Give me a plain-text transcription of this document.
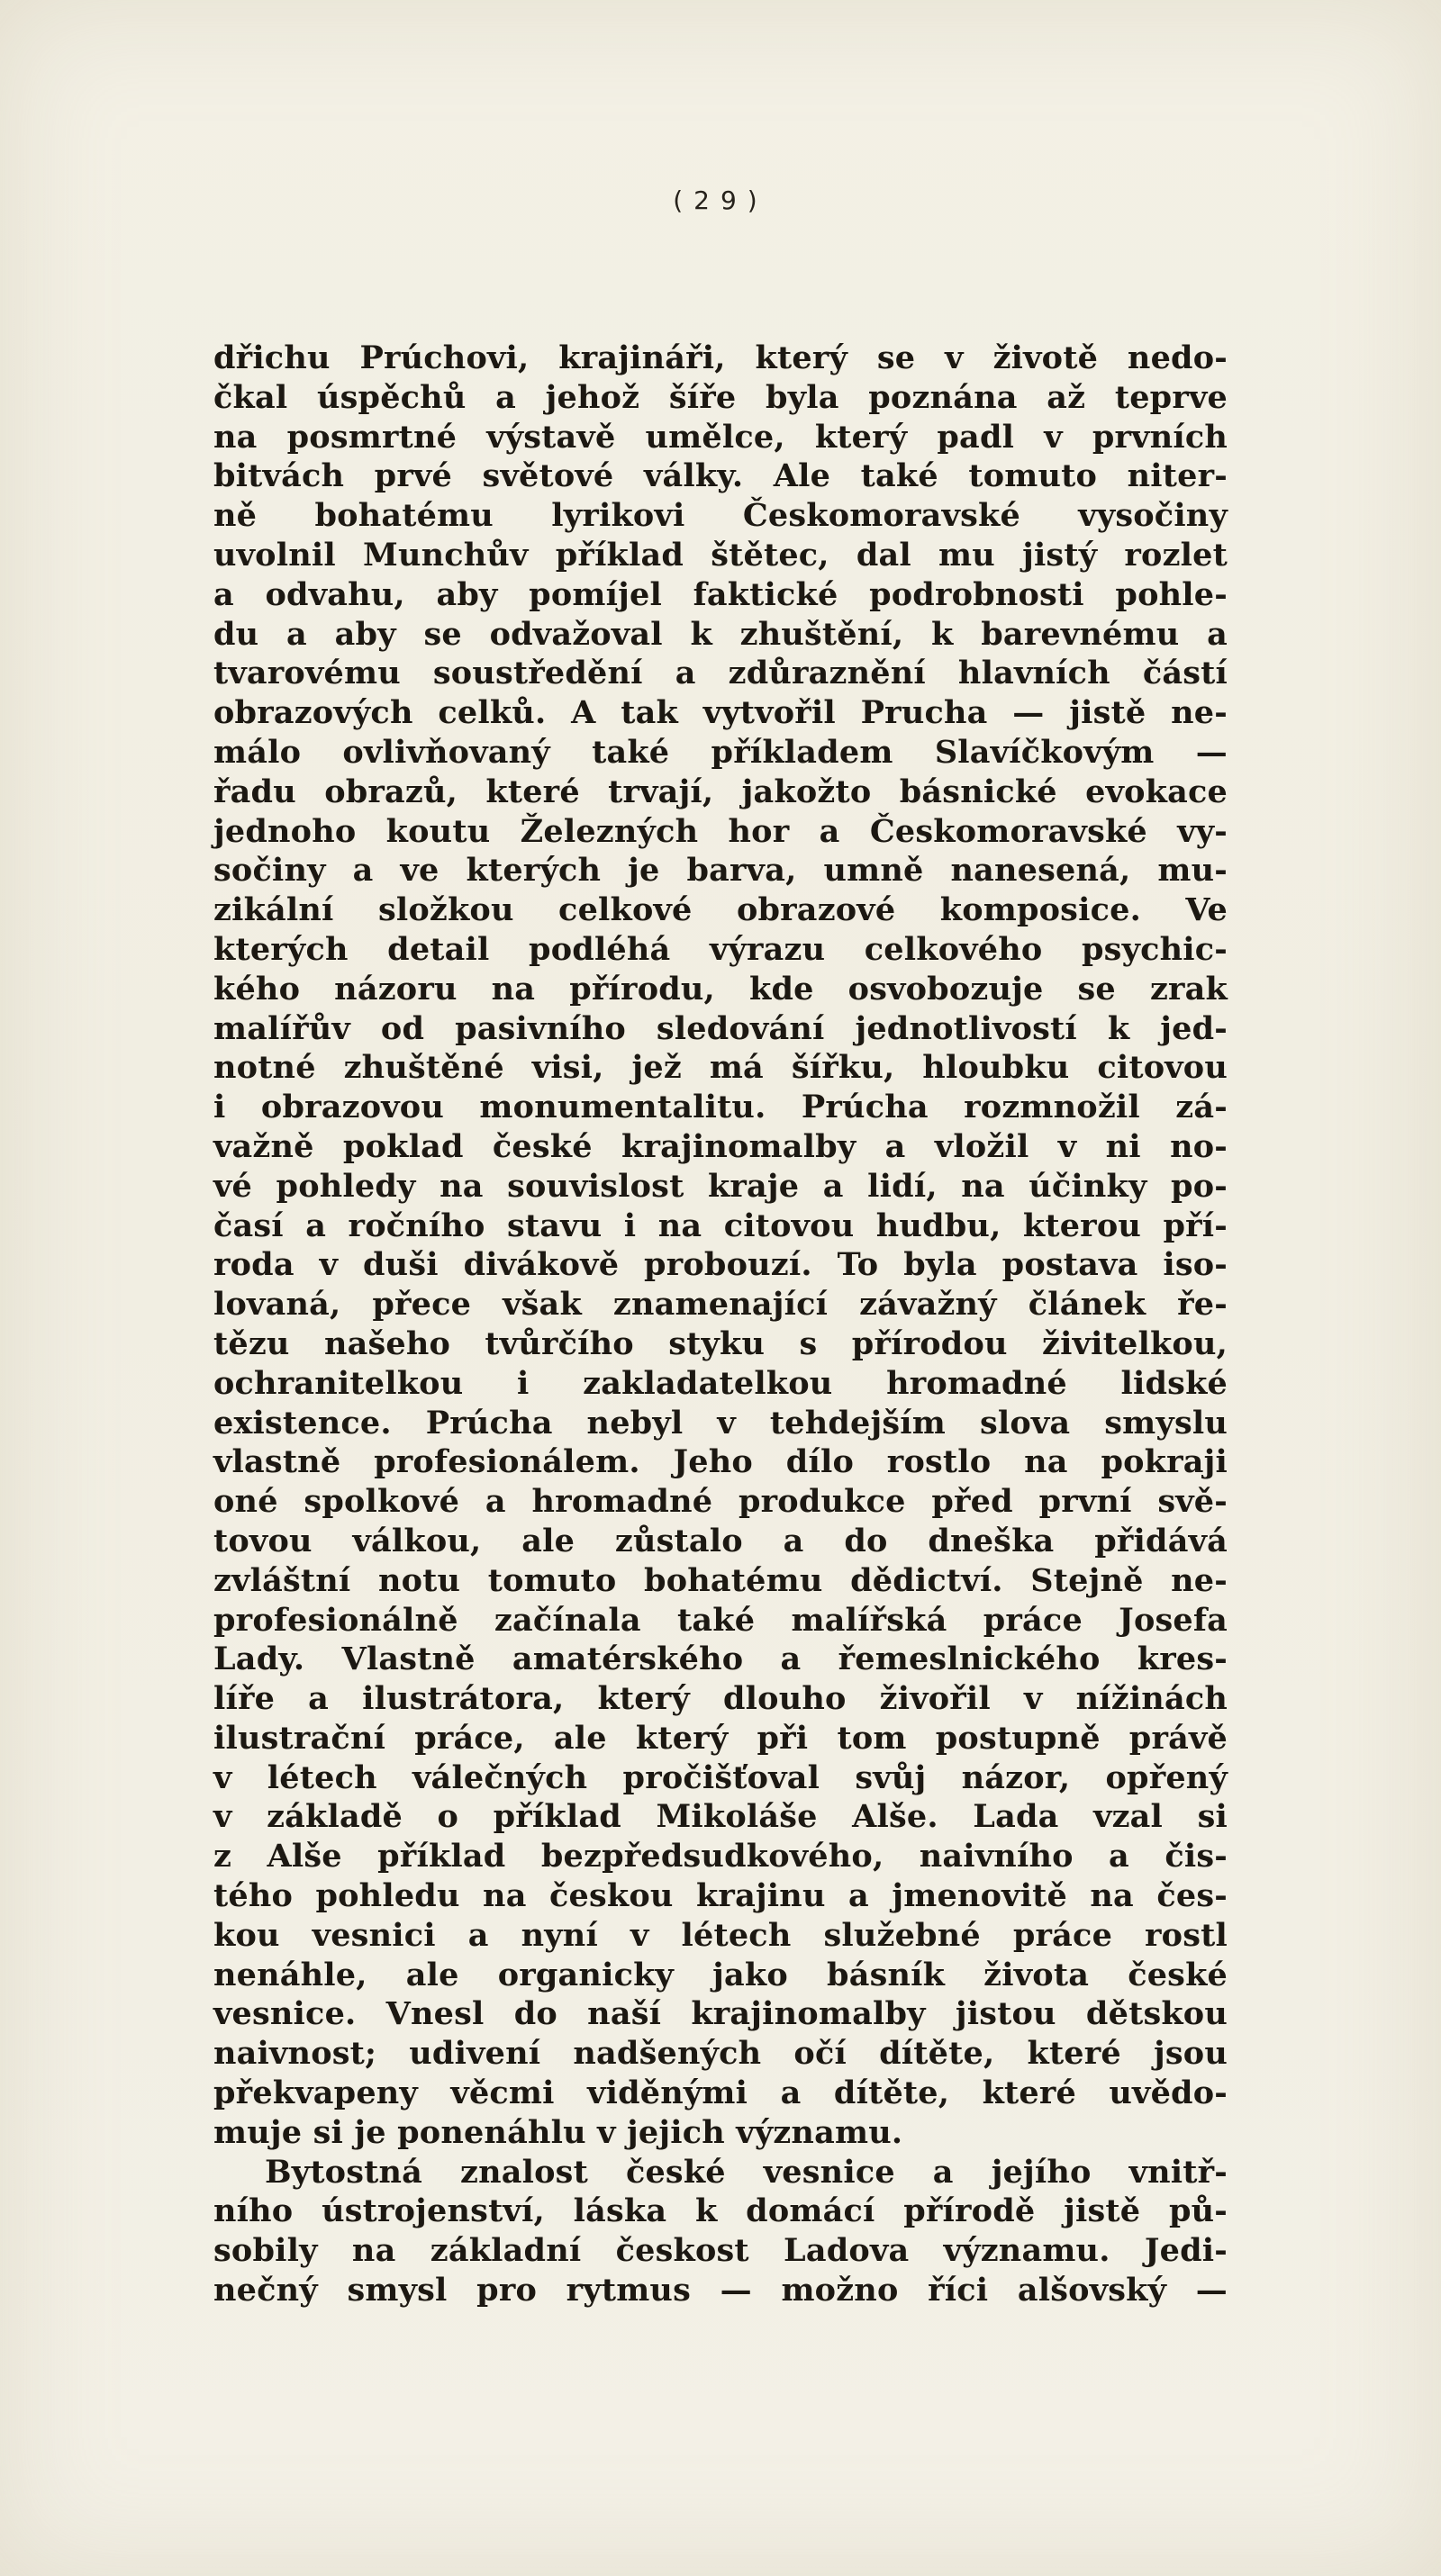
(29)
dřichu Prúchovi, krajináři, který se v životě nedo-
čkal úspěchů a jehož šíře byla poznána až teprve
na posmrtné výstavě umělce, který padl v prvních
bitvách prvé světové války. Ale také tomuto niter-
ně bohatému lyrikovi Českomoravské vysočiny
uvolnil Munchův příklad štětec, dal mu jistý rozlet
a odvahu, aby pomíjel faktické podrobnosti pohle-
du a aby se odvažoval k zhuštění, k barevnému a
tvarovému soustředění a zdůraznění hlavních částí
obrazových celků. A tak vytvořil Prucha — jistě ne-
málo ovlivňovaný také příkladem Slavíčkovým —
řadu obrazů, které trvají, jakožto básnické evokace
jednoho koutu Železných hor a Českomoravské vy-
sočiny a ve kterých je barva, umně nanesená, mu-
zikální složkou celkové obrazové komposice. Ve
kterých detail podléhá výrazu celkového psychic-
kého názoru na přírodu, kde osvobozuje se zrak
malířův od pasivního sledování jednotlivostí k jed-
notné zhuštěné visi, jež má šířku, hloubku citovou
i obrazovou monumentalitu. Prúcha rozmnožil zá-
važně poklad české krajinomalby a vložil v ni no-
vé pohledy na souvislost kraje a lidí, na účinky po-
časí a ročního stavu i na citovou hudbu, kterou pří-
roda v duši divákově probouzí. To byla postava iso-
lovaná, přece však znamenající závažný článek ře-
tězu našeho tvůrčího styku s přírodou živitelkou,
ochranitelkou i zakladatelkou hromadné lidské
existence. Prúcha nebyl v tehdejším slova smyslu
vlastně profesionálem. Jeho dílo rostlo na pokraji
oné spolkové a hromadné produkce před první svě-
tovou válkou, ale zůstalo a do dneška přidává
zvláštní notu tomuto bohatému dědictví. Stejně ne-
profesionálně začínala také malířská práce Josefa
Lady. Vlastně amatérského a řemeslnického kres-
líře a ilustrátora, který dlouho živořil v nížinách
ilustrační práce, ale který při tom postupně právě
v létech válečných pročišťoval svůj názor, opřený
v základě o příklad Mikoláše Alše. Lada vzal si
z Alše příklad bezpředsudkového, naivního a čis-
tého pohledu na českou krajinu a jmenovitě na čes-
kou vesnici a nyní v létech služebné práce rostl
nenáhle, ale organicky jako básník života české
vesnice. Vnesl do naší krajinomalby jistou dětskou
naivnost; udivení nadšených očí dítěte, které jsou
překvapeny věcmi viděnými a dítěte, které uvědo-
muje si je ponenáhlu v jejich významu.
Bytostná znalost české vesnice a jejího vnitř-
ního ústrojenství, láska k domácí přírodě jistě pů-
sobily na základní českost Ladova významu. Jedi-
nečný smysl pro rytmus — možno říci alšovský —
